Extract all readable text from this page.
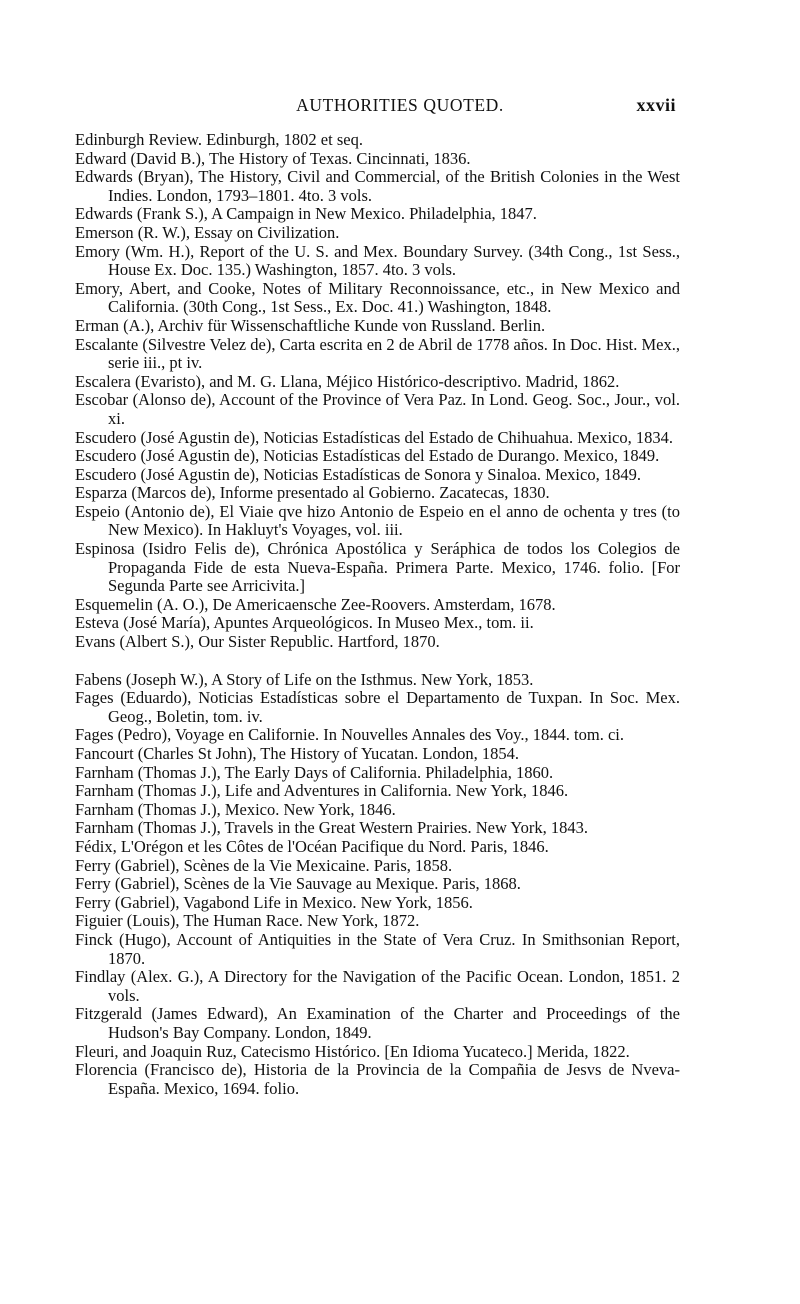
AUTHORITIES QUOTED.	xxvii
Edinburgh Review. Edinburgh, 1802 et seq.
Edward (David B.), The History of Texas. Cincinnati, 1836.
Edwards (Bryan), The History, Civil and Commercial, of the British Colonies in the West Indies. London, 1793–1801. 4to. 3 vols.
Edwards (Frank S.), A Campaign in New Mexico. Philadelphia, 1847.
Emerson (R. W.), Essay on Civilization.
Emory (Wm. H.), Report of the U. S. and Mex. Boundary Survey. (34th Cong., 1st Sess., House Ex. Doc. 135.) Washington, 1857. 4to. 3 vols.
Emory, Abert, and Cooke, Notes of Military Reconnoissance, etc., in New Mexico and California. (30th Cong., 1st Sess., Ex. Doc. 41.) Washington, 1848.
Erman (A.), Archiv für Wissenschaftliche Kunde von Russland. Berlin.
Escalante (Silvestre Velez de), Carta escrita en 2 de Abril de 1778 años. In Doc. Hist. Mex., serie iii., pt iv.
Escalera (Evaristo), and M. G. Llana, Méjico Histórico-descriptivo. Madrid, 1862.
Escobar (Alonso de), Account of the Province of Vera Paz. In Lond. Geog. Soc., Jour., vol. xi.
Escudero (José Agustin de), Noticias Estadísticas del Estado de Chihuahua. Mexico, 1834.
Escudero (José Agustin de), Noticias Estadísticas del Estado de Durango. Mexico, 1849.
Escudero (José Agustin de), Noticias Estadísticas de Sonora y Sinaloa. Mexico, 1849.
Esparza (Marcos de), Informe presentado al Gobierno. Zacatecas, 1830.
Espeio (Antonio de), El Viaie qve hizo Antonio de Espeio en el anno de ochenta y tres (to New Mexico). In Hakluyt's Voyages, vol. iii.
Espinosa (Isidro Felis de), Chrónica Apostólica y Seráphica de todos los Colegios de Propaganda Fide de esta Nueva-España. Primera Parte. Mexico, 1746. folio. [For Segunda Parte see Arricivita.]
Esquemelin (A. O.), De Americaensche Zee-Roovers. Amsterdam, 1678.
Esteva (José María), Apuntes Arqueológicos. In Museo Mex., tom. ii.
Evans (Albert S.), Our Sister Republic. Hartford, 1870.
Fabens (Joseph W.), A Story of Life on the Isthmus. New York, 1853.
Fages (Eduardo), Noticias Estadísticas sobre el Departamento de Tuxpan. In Soc. Mex. Geog., Boletin, tom. iv.
Fages (Pedro), Voyage en Californie. In Nouvelles Annales des Voy., 1844. tom. ci.
Fancourt (Charles St John), The History of Yucatan. London, 1854.
Farnham (Thomas J.), The Early Days of California. Philadelphia, 1860.
Farnham (Thomas J.), Life and Adventures in California. New York, 1846.
Farnham (Thomas J.), Mexico. New York, 1846.
Farnham (Thomas J.), Travels in the Great Western Prairies. New York, 1843.
Fédix, L'Orégon et les Côtes de l'Océan Pacifique du Nord. Paris, 1846.
Ferry (Gabriel), Scènes de la Vie Mexicaine. Paris, 1858.
Ferry (Gabriel), Scènes de la Vie Sauvage au Mexique. Paris, 1868.
Ferry (Gabriel), Vagabond Life in Mexico. New York, 1856.
Figuier (Louis), The Human Race. New York, 1872.
Finck (Hugo), Account of Antiquities in the State of Vera Cruz. In Smithsonian Report, 1870.
Findlay (Alex. G.), A Directory for the Navigation of the Pacific Ocean. London, 1851. 2 vols.
Fitzgerald (James Edward), An Examination of the Charter and Proceedings of the Hudson's Bay Company. London, 1849.
Fleuri, and Joaquin Ruz, Catecismo Histórico. [En Idioma Yucateco.] Merida, 1822.
Florencia (Francisco de), Historia de la Provincia de la Compañia de Jesvs de Nveva-España. Mexico, 1694. folio.
